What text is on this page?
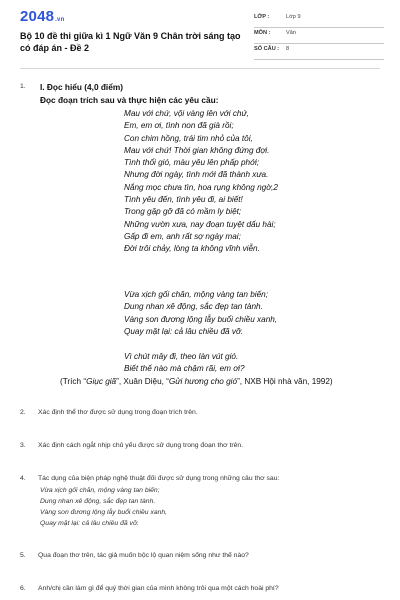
2048.vn
Bộ 10 đề thi giữa kì 1 Ngữ Văn 9 Chân trời sáng tạo có đáp án - Đề 2
LỚP :	Lớp 9
MÔN :	Văn
SỐ CÂU : 8
1. I. Đọc hiểu (4,0 điểm)
Đọc đoạn trích sau và thực hiện các yêu cầu:
Mau với chứ, vội vàng lên với chứ,
Em, em ơi, tình non đã già rồi;
Con chim hồng, trái tim nhỏ của tôi,
Mau với chứ! Thời gian không đứng đợi.
Tình thổi gió, màu yêu lên phấp phới;
Nhưng đời ngày, tình mới đã thành xưa.
Nắng mọc chưa tìn, hoa rụng không ngờ,2
Tình yêu đến, tình yêu đi, ai biết!
Trong gặp gỡ đã có mầm ly biệt;
Những vườn xưa, nay đoạn tuyệt dấu hài;
Gấp đi em, anh rất sợ ngày mai;
Đời trôi chảy, lòng ta không vĩnh viễn.
Vừa xịch gối chăn, mộng vàng tan biến;
Dung nhan xê động, sắc đẹp tan tành.
Vàng son đương lộng lẫy buổi chiều xanh,
Quay mặt lại: cả lâu chiều đã vỡ.
Vì chút mây đi, theo làn vút gió.
Biết thế nào mà chậm rãi, em ơi?
(Trích “Giục giã”, Xuân Diệu, “Gửi hương cho gió”, NXB Hội nhà văn, 1992)
2. Xác định thể thơ được sử dụng trong đoạn trích trên.
3. Xác định cách ngắt nhịp chủ yếu được sử dụng trong đoạn thơ trên.
4. Tác dụng của biện pháp nghệ thuật đối được sử dụng trong những câu thơ sau:
Vừa xịch gối chăn, mộng vàng tan biến;
Dung nhan xê động, sắc đẹp tan tành.
Vàng son đương lộng lẫy buổi chiều xanh,
Quay mặt lại: cả lâu chiều đã vỡ.
5. Qua đoạn thơ trên, tác giả muốn bộc lộ quan niệm sống như thế nào?
6. Anh/chị cần làm gì để quý thời gian của mình không trôi qua một cách hoài phí?
